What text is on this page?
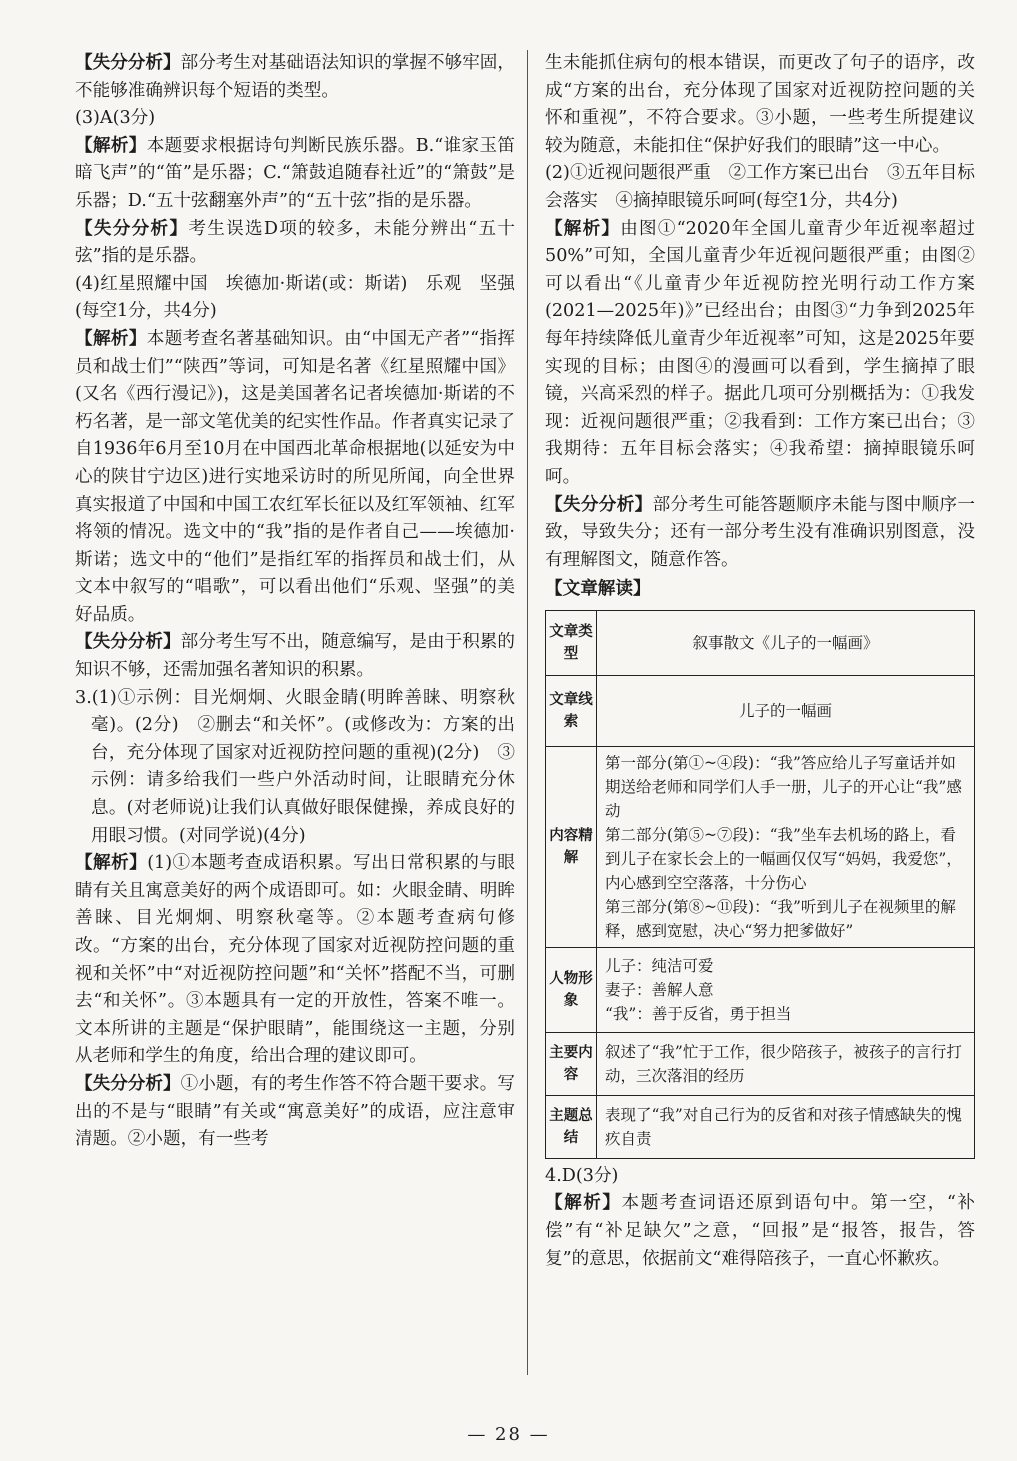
【失分分析】部分考生对基础语法知识的掌握不够牢固，不能够准确辨识每个短语的类型。

(3)A(3分)

【解析】本题要求根据诗句判断民族乐器。B.“谁家玉笛暗飞声”的“笛”是乐器；C.“箫鼓追随春社近”的“箫鼓”是乐器；D.“五十弦翻塞外声”的“五十弦”指的是乐器。

【失分分析】考生误选D项的较多，未能分辨出“五十弦”指的是乐器。

(4)红星照耀中国　埃德加·斯诺(或：斯诺)　乐观　坚强(每空1分，共4分)

【解析】本题考查名著基础知识。由“中国无产者”“指挥员和战士们”“陕西”等词，可知是名著《红星照耀中国》(又名《西行漫记》)，这是美国著名记者埃德加·斯诺的不朽名著，是一部文笔优美的纪实性作品。作者真实记录了自1936年6月至10月在中国西北革命根据地(以延安为中心的陕甘宁边区)进行实地采访时的所见所闻，向全世界真实报道了中国和中国工农红军长征以及红军领袖、红军将领的情况。选文中的“我”指的是作者自己——埃德加·斯诺；选文中的“他们”是指红军的指挥员和战士们，从文本中叙写的“唱歌”，可以看出他们“乐观、坚强”的美好品质。

【失分分析】部分考生写不出，随意编写，是由于积累的知识不够，还需加强名著知识的积累。

3.(1)①示例：目光炯炯、火眼金睛(明眸善睐、明察秋毫)。(2分)　②删去“和关怀”。(或修改为：方案的出台，充分体现了国家对近视防控问题的重视)(2分)　③示例：请多给我们一些户外活动时间，让眼睛充分休息。(对老师说)让我们认真做好眼保健操，养成良好的用眼习惯。(对同学说)(4分)

【解析】(1)①本题考查成语积累。写出日常积累的与眼睛有关且寓意美好的两个成语即可。如：火眼金睛、明眸善睐、目光炯炯、明察秋毫等。②本题考查病句修改。“方案的出台，充分体现了国家对近视防控问题的重视和关怀”中“对近视防控问题”和“关怀”搭配不当，可删去“和关怀”。③本题具有一定的开放性，答案不唯一。文本所讲的主题是“保护眼睛”，能围绕这一主题，分别从老师和学生的角度，给出合理的建议即可。

【失分分析】①小题，有的考生作答不符合题干要求。写出的不是与“眼睛”有关或“寓意美好”的成语，应注意审清题。②小题，有一些考

生未能抓住病句的根本错误，而更改了句子的语序，改成“方案的出台，充分体现了国家对近视防控问题的关怀和重视”，不符合要求。③小题，一些考生所提建议较为随意，未能扣住“保护好我们的眼睛”这一中心。

(2)①近视问题很严重　②工作方案已出台　③五年目标会落实　④摘掉眼镜乐呵呵(每空1分，共4分)

【解析】由图①“2020年全国儿童青少年近视率超过50%”可知，全国儿童青少年近视问题很严重；由图②可以看出“《儿童青少年近视防控光明行动工作方案(2021—2025年)》”已经出台；由图③“力争到2025年每年持续降低儿童青少年近视率”可知，这是2025年要实现的目标；由图④的漫画可以看到，学生摘掉了眼镜，兴高采烈的样子。据此几项可分别概括为：①我发现：近视问题很严重；②我看到：工作方案已出台；③我期待：五年目标会落实；④我希望：摘掉眼镜乐呵呵。

【失分分析】部分考生可能答题顺序未能与图中顺序一致，导致失分；还有一部分考生没有准确识别图意，没有理解图文，随意作答。

【文章解读】

文章类型	叙事散文《儿子的一幅画》
文章线索	儿子的一幅画
内容精解	第一部分(第①~④段)：“我”答应给儿子写童话并如期送给老师和同学们人手一册，儿子的开心让“我”感动
第二部分(第⑤~⑦段)：“我”坐车去机场的路上，看到儿子在家长会上的一幅画仅仅写“妈妈，我爱您”，内心感到空空落落，十分伤心
第三部分(第⑧~⑪段)：“我”听到儿子在视频里的解释，感到宽慰，决心“努力把爹做好”

人物形象	儿子：纯洁可爱
妻子：善解人意
“我”：善于反省，勇于担当

主要内容	叙述了“我”忙于工作，很少陪孩子，被孩子的言行打动，三次落泪的经历
主题总结	表现了“我”对自己行为的反省和对孩子情感缺失的愧疚自责

4.D(3分)

【解析】本题考查词语还原到语句中。第一空，“补偿”有“补足缺欠”之意，“回报”是“报答，报告，答复”的意思，依据前文“难得陪孩子，一直心怀歉疚。

— 28 —
